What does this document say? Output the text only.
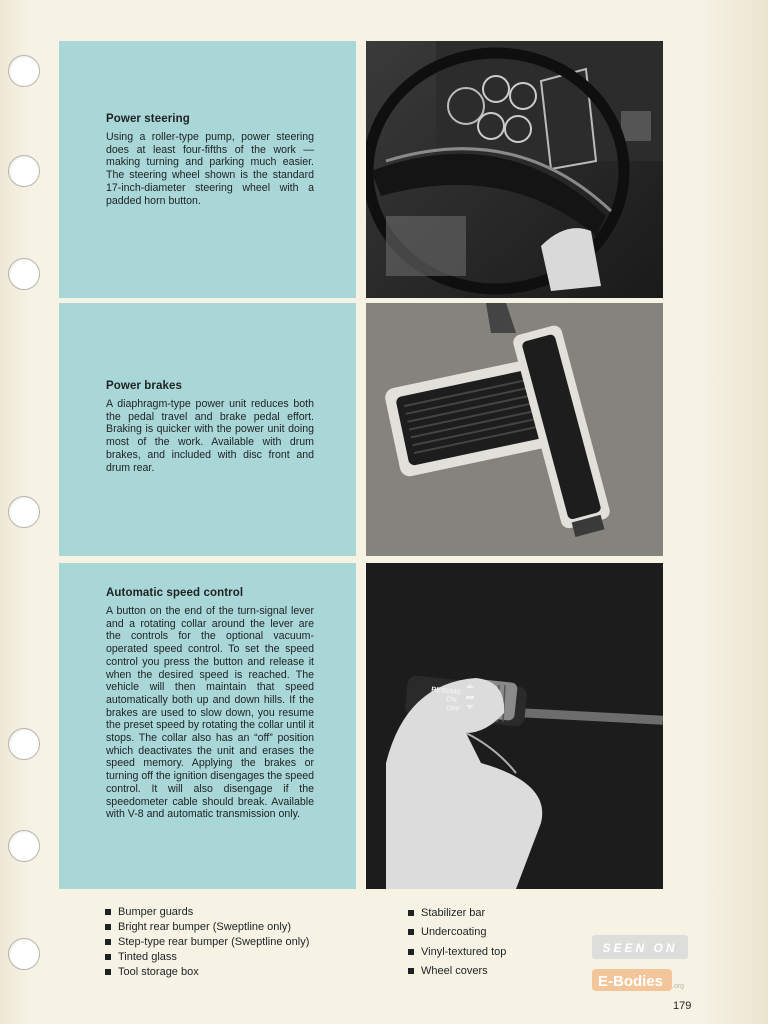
Power steering

Using a roller-type pump, power steering does at least four-fifths of the work — making turning and parking much easier. The steering wheel shown is the standard 17-inch-diameter steering wheel with a padded horn button.

Power brakes

A diaphragm-type power unit reduces both the pedal travel and brake pedal effort. Braking is quicker with the power unit doing most of the work. Available with drum brakes, and included with disc front and drum rear.

Automatic speed control

A button on the end of the turn-signal lever and a rotating collar around the lever are the controls for the optional vacuum-operated speed control. To set the speed control you press the button and release it when the desired speed is reached. The vehicle will then maintain that speed automatically both up and down hills. If the brakes are used to slow down, you resume the preset speed by rotating the collar until it stops. The collar also has an “off” position which deactivates the unit and erases the speed memory. Applying the brakes or turning off the ignition disengages the speed control. It will also disengage if the speedometer cable should break. Available with V-8 and automatic transmission only.

RESUME
ON
OFF
Bumper guards
Bright rear bumper (Sweptline only)
Step-type rear bumper (Sweptline only)
Tinted glass
Tool storage box
Stabilizer bar
Undercoating
Vinyl-textured top
Wheel covers
SEEN ON
E-Bodies .org
179
